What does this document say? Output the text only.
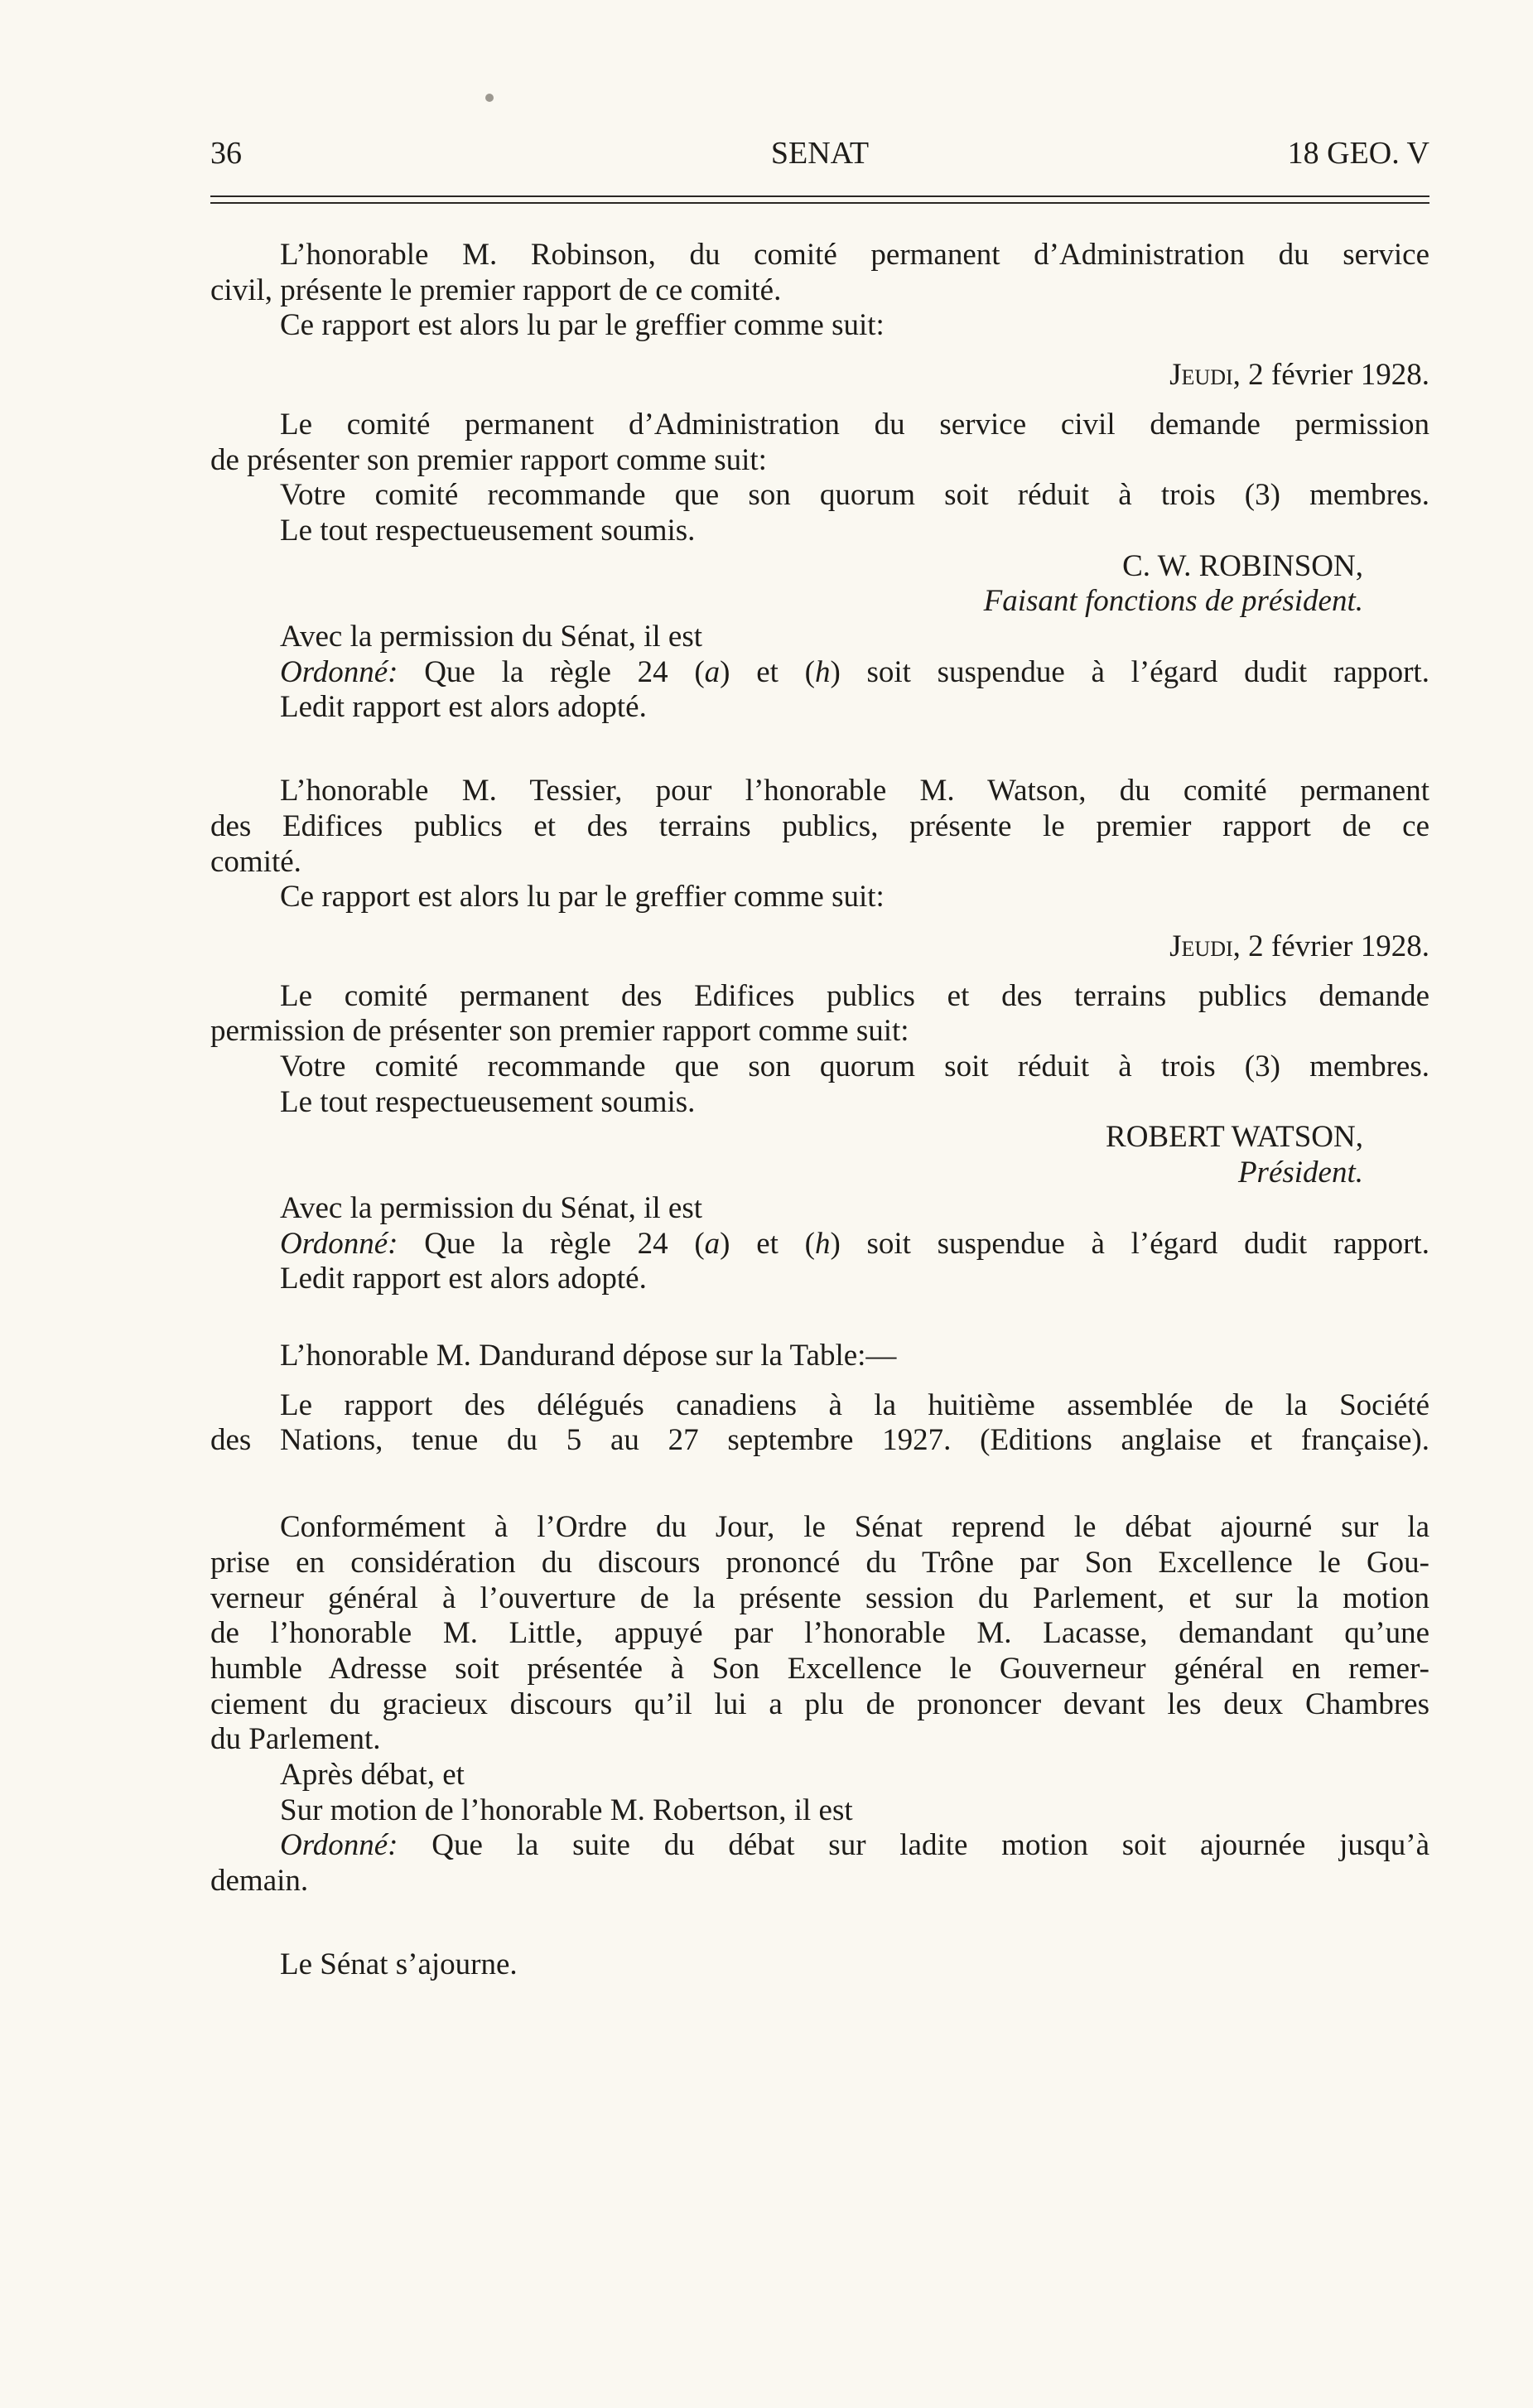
36	SENAT	18 GEO. V

L’honorable M. Robinson, du comité permanent d’Administration du service

civil, présente le premier rapport de ce comité.

Ce rapport est alors lu par le greffier comme suit:

Jeudi, 2 février 1928.

Le comité permanent d’Administration du service civil demande permission

de présenter son premier rapport comme suit:

Votre comité recommande que son quorum soit réduit à trois (3) membres.

Le tout respectueusement soumis.

C. W. ROBINSON,

Faisant fonctions de président.

Avec la permission du Sénat, il est

Ordonné: Que la règle 24 (a) et (h) soit suspendue à l’égard dudit rapport.

Ledit rapport est alors adopté.

L’honorable M. Tessier, pour l’honorable M. Watson, du comité permanent

des Edifices publics et des terrains publics, présente le premier rapport de ce

comité.

Ce rapport est alors lu par le greffier comme suit:

Jeudi, 2 février 1928.

Le comité permanent des Edifices publics et des terrains publics demande

permission de présenter son premier rapport comme suit:

Votre comité recommande que son quorum soit réduit à trois (3) membres.

Le tout respectueusement soumis.

ROBERT WATSON,

Président.

Avec la permission du Sénat, il est

Ordonné: Que la règle 24 (a) et (h) soit suspendue à l’égard dudit rapport.

Ledit rapport est alors adopté.

L’honorable M. Dandurand dépose sur la Table:—

Le rapport des délégués canadiens à la huitième assemblée de la Société

des Nations, tenue du 5 au 27 septembre 1927. (Editions anglaise et française).

Conformément à l’Ordre du Jour, le Sénat reprend le débat ajourné sur la

prise en considération du discours prononcé du Trône par Son Excellence le Gou-

verneur général à l’ouverture de la présente session du Parlement, et sur la motion

de l’honorable M. Little, appuyé par l’honorable M. Lacasse, demandant qu’une

humble Adresse soit présentée à Son Excellence le Gouverneur général en remer-

ciement du gracieux discours qu’il lui a plu de prononcer devant les deux Chambres

du Parlement.

Après débat, et

Sur motion de l’honorable M. Robertson, il est

Ordonné: Que la suite du débat sur ladite motion soit ajournée jusqu’à

demain.

Le Sénat s’ajourne.
